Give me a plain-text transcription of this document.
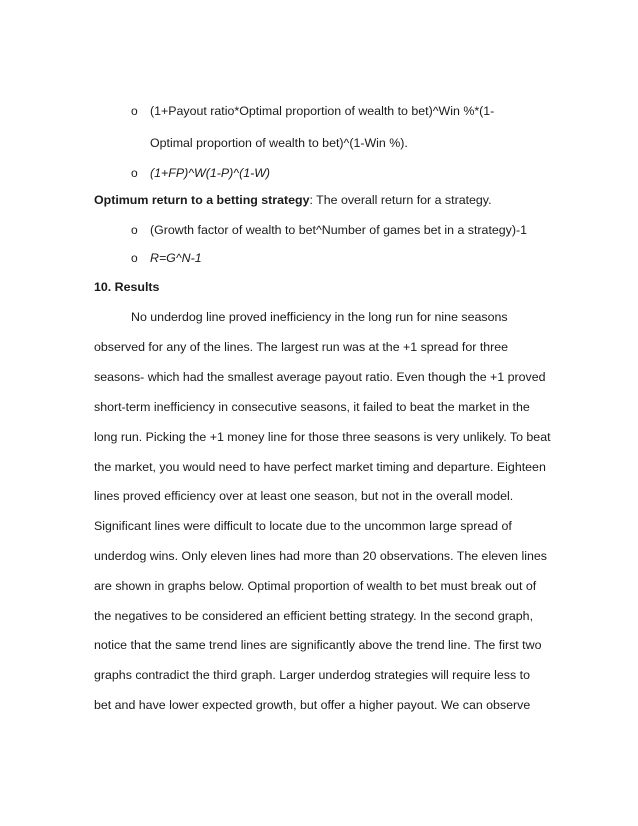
o (1+Payout ratio*Optimal proportion of wealth to bet)^Win %*(1-
Optimal proportion of wealth to bet)^(1-Win %).
o (1+FP)^W(1-P)^(1-W)
Optimum return to a betting strategy: The overall return for a strategy.
o (Growth factor of wealth to bet^Number of games bet in a strategy)-1
o R=G^N-1
10. Results
No underdog line proved inefficiency in the long run for nine seasons
observed for any of the lines. The largest run was at the +1 spread for three
seasons- which had the smallest average payout ratio. Even though the +1 proved
short-term inefficiency in consecutive seasons, it failed to beat the market in the
long run. Picking the +1 money line for those three seasons is very unlikely. To beat
the market, you would need to have perfect market timing and departure. Eighteen
lines proved efficiency over at least one season, but not in the overall model.
Significant lines were difficult to locate due to the uncommon large spread of
underdog wins. Only eleven lines had more than 20 observations. The eleven lines
are shown in graphs below. Optimal proportion of wealth to bet must break out of
the negatives to be considered an efficient betting strategy. In the second graph,
notice that the same trend lines are significantly above the trend line. The first two
graphs contradict the third graph. Larger underdog strategies will require less to
bet and have lower expected growth, but offer a higher payout. We can observe
